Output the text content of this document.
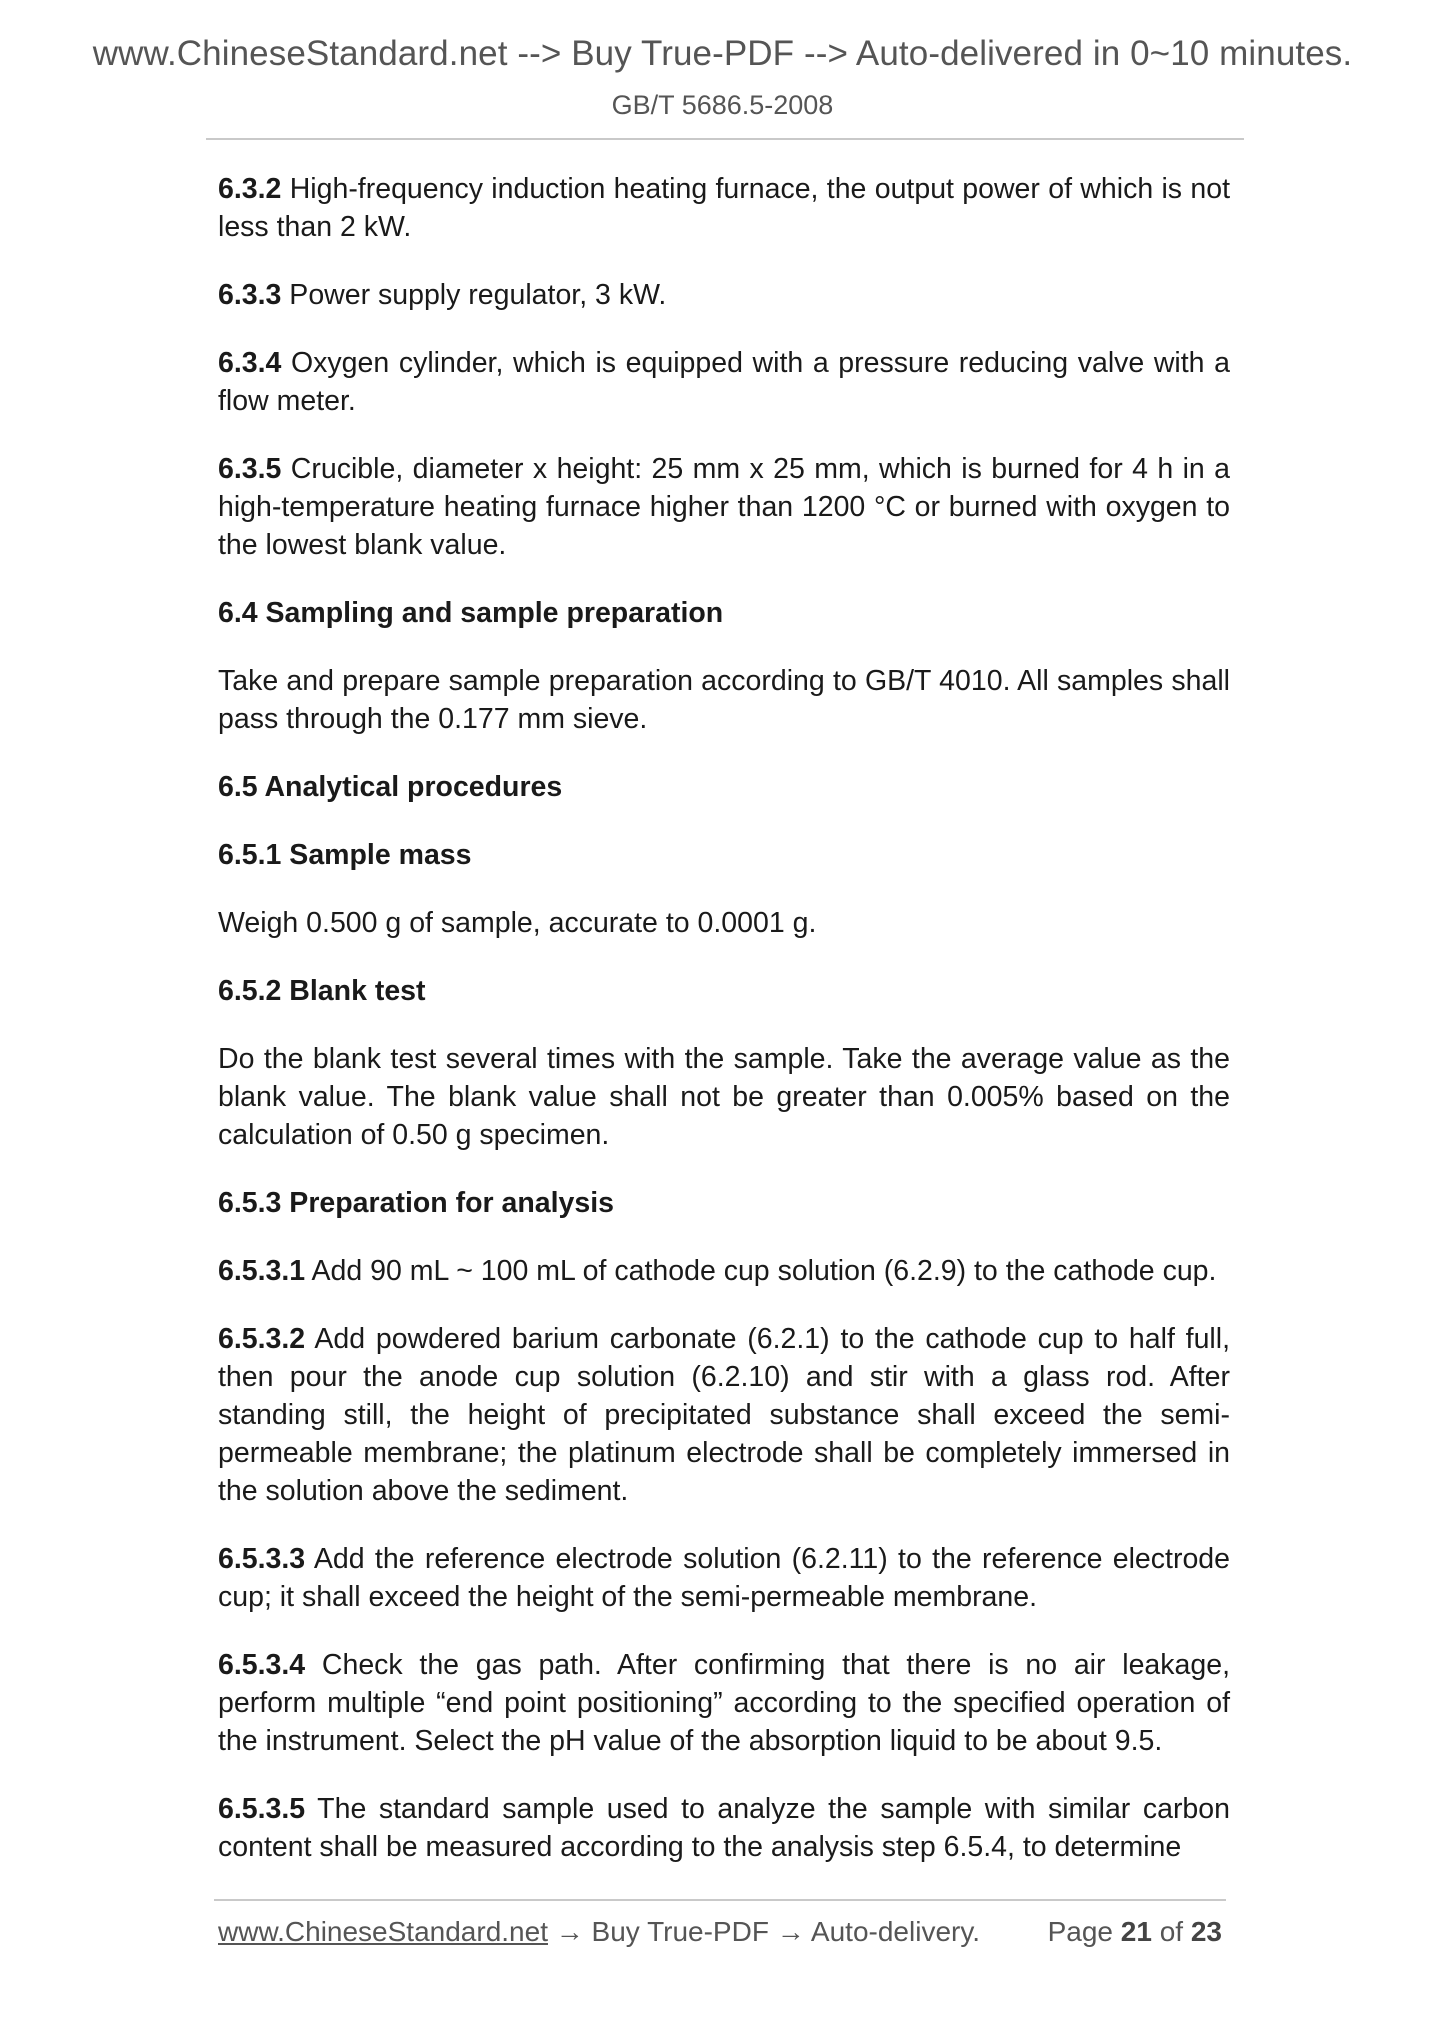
www.ChineseStandard.net --> Buy True-PDF --> Auto-delivered in 0~10 minutes.
GB/T 5686.5-2008

6.3.2 High-frequency induction heating furnace, the output power of which is not less than 2 kW.

6.3.3 Power supply regulator, 3 kW.

6.3.4 Oxygen cylinder, which is equipped with a pressure reducing valve with a flow meter.

6.3.5 Crucible, diameter x height: 25 mm x 25 mm, which is burned for 4 h in a high-temperature heating furnace higher than 1200 °C or burned with oxygen to the lowest blank value.

6.4 Sampling and sample preparation

Take and prepare sample preparation according to GB/T 4010. All samples shall pass through the 0.177 mm sieve.

6.5 Analytical procedures

6.5.1 Sample mass

Weigh 0.500 g of sample, accurate to 0.0001 g.

6.5.2 Blank test

Do the blank test several times with the sample. Take the average value as the blank value. The blank value shall not be greater than 0.005% based on the calculation of 0.50 g specimen.

6.5.3 Preparation for analysis

6.5.3.1 Add 90 mL ~ 100 mL of cathode cup solution (6.2.9) to the cathode cup.

6.5.3.2 Add powdered barium carbonate (6.2.1) to the cathode cup to half full, then pour the anode cup solution (6.2.10) and stir with a glass rod. After standing still, the height of precipitated substance shall exceed the semi-permeable membrane; the platinum electrode shall be completely immersed in the solution above the sediment.

6.5.3.3 Add the reference electrode solution (6.2.11) to the reference electrode cup; it shall exceed the height of the semi-permeable membrane.

6.5.3.4 Check the gas path. After confirming that there is no air leakage, perform multiple “end point positioning” according to the specified operation of the instrument. Select the pH value of the absorption liquid to be about 9.5.

6.5.3.5 The standard sample used to analyze the sample with similar carbon content shall be measured according to the analysis step 6.5.4, to determine

www.ChineseStandard.net → Buy True-PDF → Auto-delivery. Page 21 of 23
